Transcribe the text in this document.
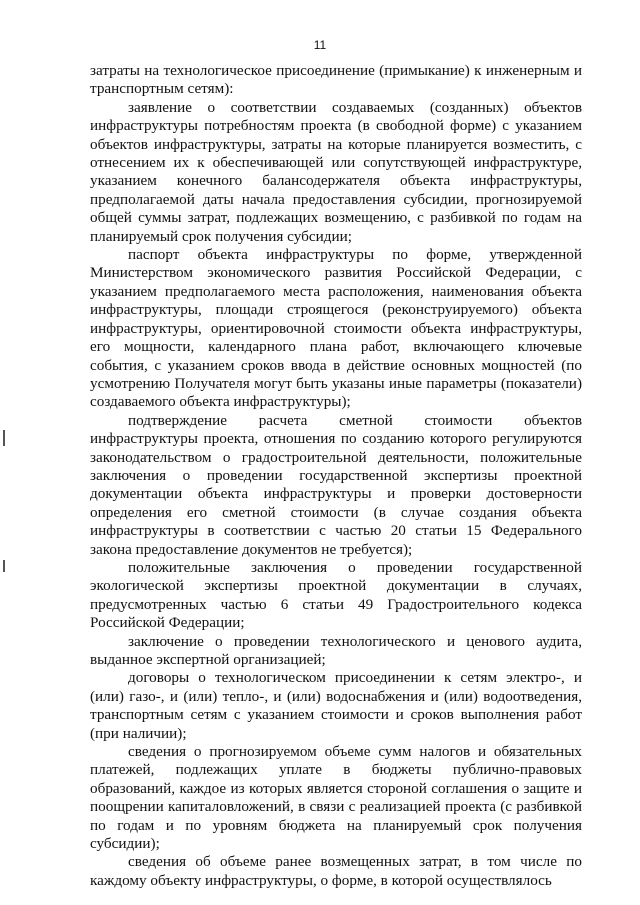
11

затраты на технологическое присоединение (примыкание) к инженерным и транспортным сетям):

заявление о соответствии создаваемых (созданных) объектов инфраструктуры потребностям проекта (в свободной форме) с указанием объектов инфраструктуры, затраты на которые планируется возместить, с отнесением их к обеспечивающей или сопутствующей инфраструктуре, указанием конечного балансодержателя объекта инфраструктуры, предполагаемой даты начала предоставления субсидии, прогнозируемой общей суммы затрат, подлежащих возмещению, с разбивкой по годам на планируемый срок получения субсидии;

паспорт объекта инфраструктуры по форме, утвержденной Министерством экономического развития Российской Федерации, с указанием предполагаемого места расположения, наименования объекта инфраструктуры, площади строящегося (реконструируемого) объекта инфраструктуры, ориентировочной стоимости объекта инфраструктуры, его мощности, календарного плана работ, включающего ключевые события, с указанием сроков ввода в действие основных мощностей (по усмотрению Получателя могут быть указаны иные параметры (показатели) создаваемого объекта инфраструктуры);

подтверждение расчета сметной стоимости объектов инфраструктуры проекта, отношения по созданию которого регулируются законодательством о градостроительной деятельности, положительные заключения о проведении государственной экспертизы проектной документации объекта инфраструктуры и проверки достоверности определения его сметной стоимости (в случае создания объекта инфраструктуры в соответствии с частью 20 статьи 15 Федерального закона предоставление документов не требуется);

положительные заключения о проведении государственной экологической экспертизы проектной документации в случаях, предусмотренных частью 6 статьи 49 Градостроительного кодекса Российской Федерации;

заключение о проведении технологического и ценового аудита, выданное экспертной организацией;

договоры о технологическом присоединении к сетям электро-, и (или) газо-, и (или) тепло-, и (или) водоснабжения и (или) водоотведения, транспортным сетям с указанием стоимости и сроков выполнения работ (при наличии);

сведения о прогнозируемом объеме сумм налогов и обязательных платежей, подлежащих уплате в бюджеты публично-правовых образований, каждое из которых является стороной соглашения о защите и поощрении капиталовложений, в связи с реализацией проекта (с разбивкой по годам и по уровням бюджета на планируемый срок получения субсидии);

сведения об объеме ранее возмещенных затрат, в том числе по каждому объекту инфраструктуры, о форме, в которой осуществлялось
